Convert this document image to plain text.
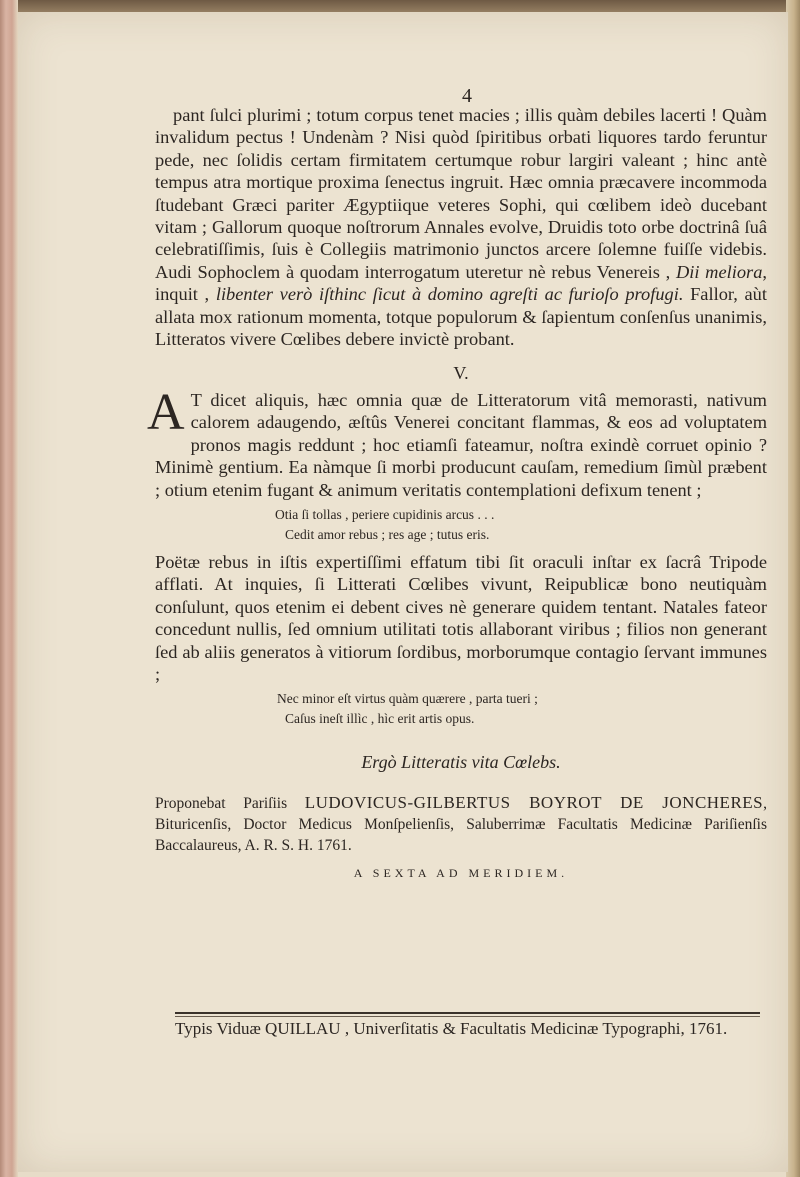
4

pant ſulci plurimi ; totum corpus tenet macies ; illis quàm debiles lacerti ! Quàm invalidum pectus ! Undenàm ? Nisi quòd ſpiritibus orbati liquores tardo feruntur pede, nec ſolidis certam firmitatem certumque robur largiri valeant ; hinc antè tempus atra mortique proxima ſenectus ingruit. Hæc omnia præcavere incommoda ſtudebant Græci pariter Ægyptiique veteres Sophi, qui cœlibem ideò ducebant vitam ; Gallorum quoque noſtrorum Annales evolve, Druidis toto orbe doctrinâ ſuâ celebratiſſimis, ſuis è Collegiis matrimonio junctos arcere ſolemne fuiſſe videbis. Audi Sophoclem à quodam interrogatum uteretur nè rebus Venereis , Dii meliora, inquit , libenter verò iſthinc ſicut à domino agreſti ac furioſo profugi. Fallor, aùt allata mox rationum momenta, totque populorum & ſapientum conſenſus unanimis, Litteratos vivere Cœlibes debere invictè probant.

V.

A T dicet aliquis, hæc omnia quæ de Litteratorum vitâ memorasti, nativum calorem adaugendo, æſtûs Venerei concitant flammas, & eos ad voluptatem pronos magis reddunt ; hoc etiamſi fateamur, noſtra exindè corruet opinio ? Minimè gentium. Ea nàmque ſi morbi producunt cauſam, remedium ſimùl præbent ; otium etenim fugant & animum veritatis contemplationi defixum tenent ;

Otia ſi tollas , periere cupidinis arcus . . .
Cedit amor rebus ; res age ; tutus eris.

Poëtæ rebus in iſtis expertiſſimi effatum tibi ſit oraculi inſtar ex ſacrâ Tripode afflati. At inquies, ſi Litterati Cœlibes vivunt, Reipublicæ bono neutiquàm conſulunt, quos etenim ei debent cives nè generare quidem tentant. Natales fateor concedunt nullis, ſed omnium utilitati totis allaborant viribus ; filios non generant ſed ab aliis generatos à vitiorum ſordibus, morborumque contagio ſervant immunes ;

Nec minor eſt virtus quàm quærere , parta tueri ;
Caſus ineſt illìc , hìc erit artis opus.
Ergò Litteratis vita Cœlebs.

Proponebat Pariſiis LUDOVICUS-GILBERTUS BOYROT DE JONCHERES, Bituricenſis, Doctor Medicus Monſpelienſis, Saluberrimæ Facultatis Medicinæ Pariſienſis Baccalaureus, A. R. S. H. 1761.

A SEXTA AD MERIDIEM.
Typis Viduæ QUILLAU , Univerſitatis & Facultatis Medicinæ Typographi, 1761.
